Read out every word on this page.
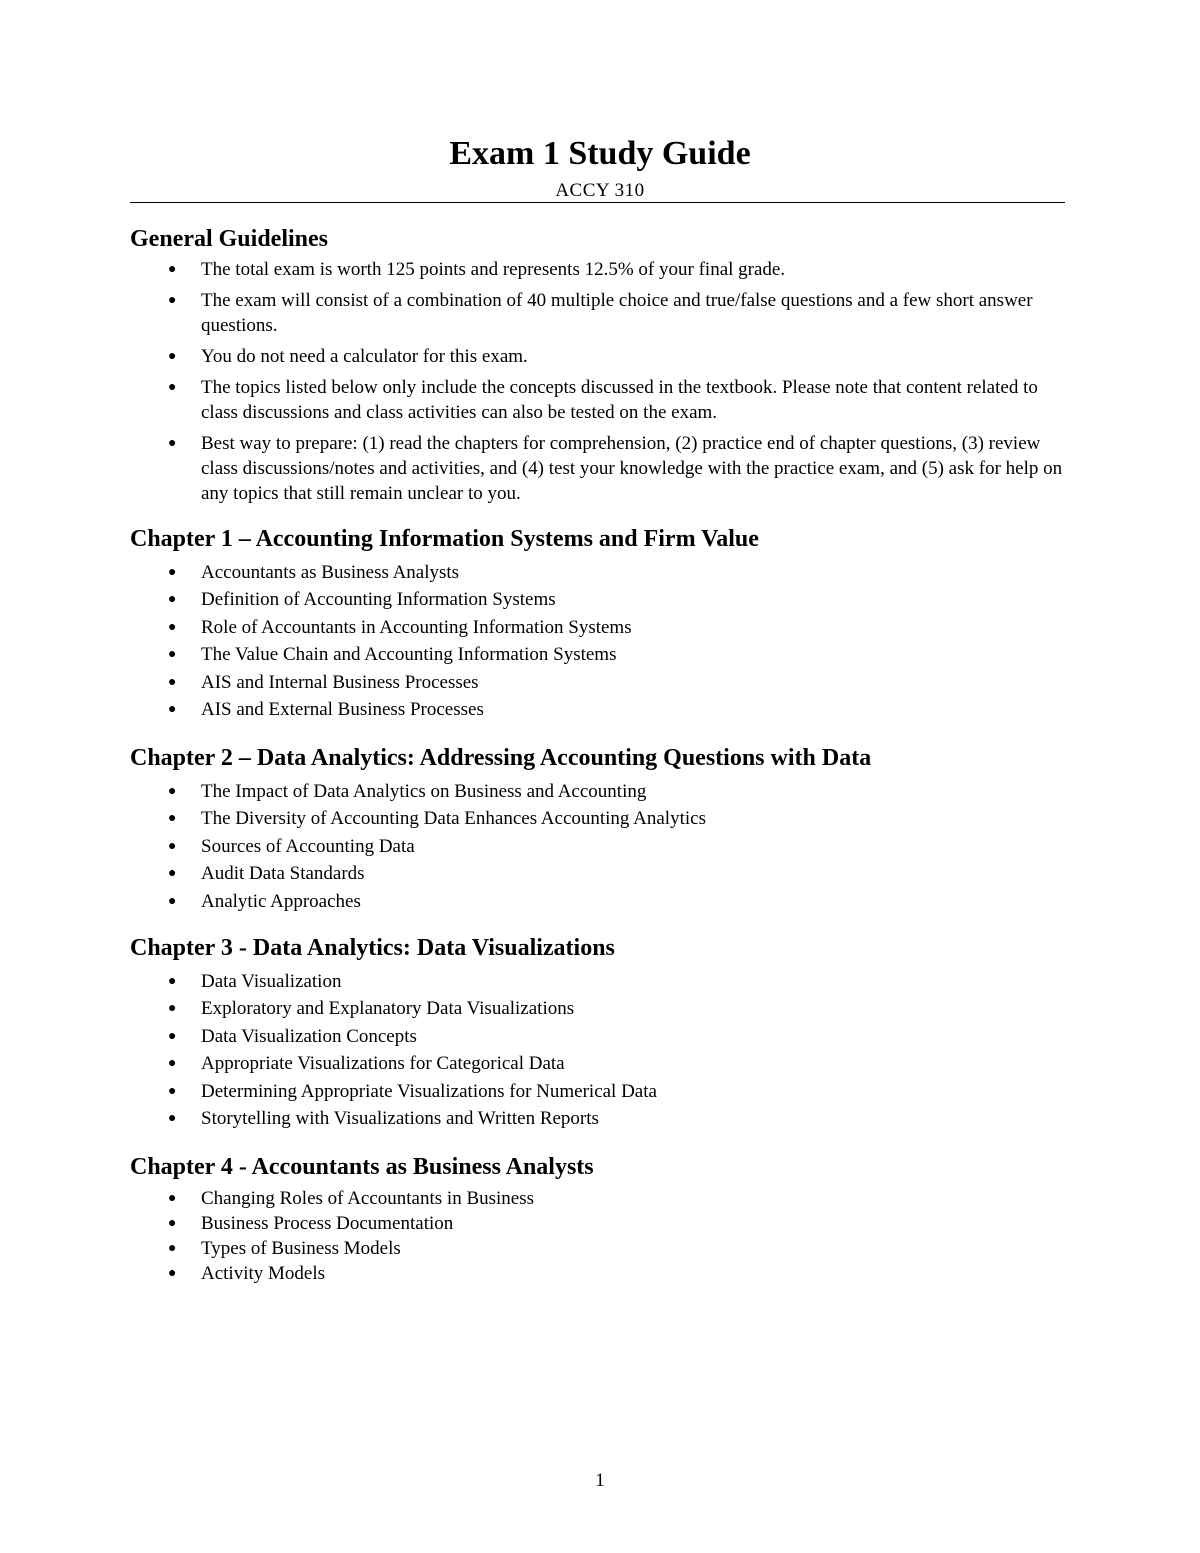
Exam 1 Study Guide
ACCY 310
General Guidelines
● The total exam is worth 125 points and represents 12.5% of your final grade.
● The exam will consist of a combination of 40 multiple choice and true/false questions and a few short answer questions.
● You do not need a calculator for this exam.
● The topics listed below only include the concepts discussed in the textbook. Please note that content related to class discussions and class activities can also be tested on the exam.
● Best way to prepare: (1) read the chapters for comprehension, (2) practice end of chapter questions, (3) review class discussions/notes and activities, and (4) test your knowledge with the practice exam, and (5) ask for help on any topics that still remain unclear to you.
Chapter 1 – Accounting Information Systems and Firm Value
● Accountants as Business Analysts
● Definition of Accounting Information Systems
● Role of Accountants in Accounting Information Systems
● The Value Chain and Accounting Information Systems
● AIS and Internal Business Processes
● AIS and External Business Processes
Chapter 2 – Data Analytics: Addressing Accounting Questions with Data
● The Impact of Data Analytics on Business and Accounting
● The Diversity of Accounting Data Enhances Accounting Analytics
● Sources of Accounting Data
● Audit Data Standards
● Analytic Approaches
Chapter 3 - Data Analytics: Data Visualizations
● Data Visualization
● Exploratory and Explanatory Data Visualizations
● Data Visualization Concepts
● Appropriate Visualizations for Categorical Data
● Determining Appropriate Visualizations for Numerical Data
● Storytelling with Visualizations and Written Reports
Chapter 4 - Accountants as Business Analysts
● Changing Roles of Accountants in Business
● Business Process Documentation
● Types of Business Models
● Activity Models
1
